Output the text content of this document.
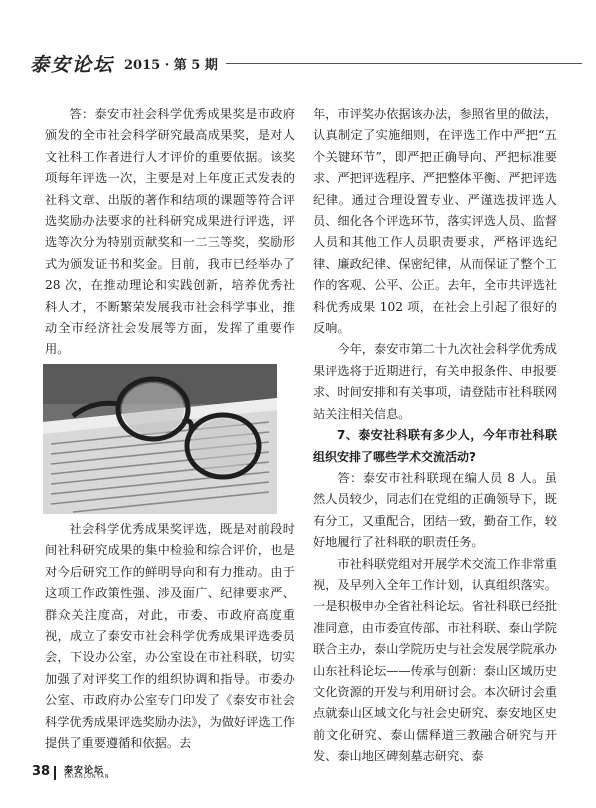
泰安论坛 2015 · 第 5 期

答：泰安市社会科学优秀成果奖是市政府颁发的全市社会科学研究最高成果奖，是对人文社科工作者进行人才评价的重要依据。该奖项每年评选一次，主要是对上年度正式发表的社科文章、出版的著作和结项的课题等符合评选奖励办法要求的社科研究成果进行评选，评选等次分为特别贡献奖和一二三等奖，奖励形式为颁发证书和奖金。目前，我市已经举办了 28 次，在推动理论和实践创新，培养优秀社科人才，不断繁荣发展我市社会科学事业，推动全市经济社会发展等方面，发挥了重要作用。

社会科学优秀成果奖评选，既是对前段时间社科研究成果的集中检验和综合评价，也是对今后研究工作的鲜明导向和有力推动。由于这项工作政策性强、涉及面广、纪律要求严、群众关注度高，对此，市委、市政府高度重视，成立了泰安市社会科学优秀成果评选委员会，下设办公室，办公室设在市社科联，切实加强了对评奖工作的组织协调和指导。市委办公室、市政府办公室专门印发了《泰安市社会科学优秀成果评选奖励办法》，为做好评选工作提供了重要遵循和依据。去

年，市评奖办依据该办法，参照省里的做法，认真制定了实施细则，在评选工作中严把“五个关键环节”，即严把正确导向、严把标准要求、严把评选程序、严把整体平衡、严把评选纪律。通过合理设置专业、严谨选拔评选人员、细化各个评选环节，落实评选人员、监督人员和其他工作人员职责要求，严格评选纪律、廉政纪律、保密纪律，从而保证了整个工作的客观、公平、公正。去年，全市共评选社科优秀成果 102 项，在社会上引起了很好的反响。

今年，泰安市第二十九次社会科学优秀成果评选将于近期进行，有关申报条件、申报要求、时间安排和有关事项，请登陆市社科联网站关注相关信息。

7、泰安社科联有多少人，今年市社科联组织安排了哪些学术交流活动?

答：泰安市社科联现在编人员 8 人。虽然人员较少，同志们在党组的正确领导下，既有分工，又重配合，团结一致，勤奋工作，较好地履行了社科联的职责任务。

市社科联党组对开展学术交流工作非常重视，及早列入全年工作计划，认真组织落实。一是积极申办全省社科论坛。省社科联已经批准同意，由市委宣传部、市社科联、泰山学院联合主办，泰山学院历史与社会发展学院承办山东社科论坛——传承与创新：泰山区域历史文化资源的开发与利用研讨会。本次研讨会重点就泰山区域文化与社会史研究、泰安地区史前文化研究、泰山儒释道三教融合研究与开发、泰山地区碑刻墓志研究、泰

38 泰安论坛
TAIANLUNTAN
